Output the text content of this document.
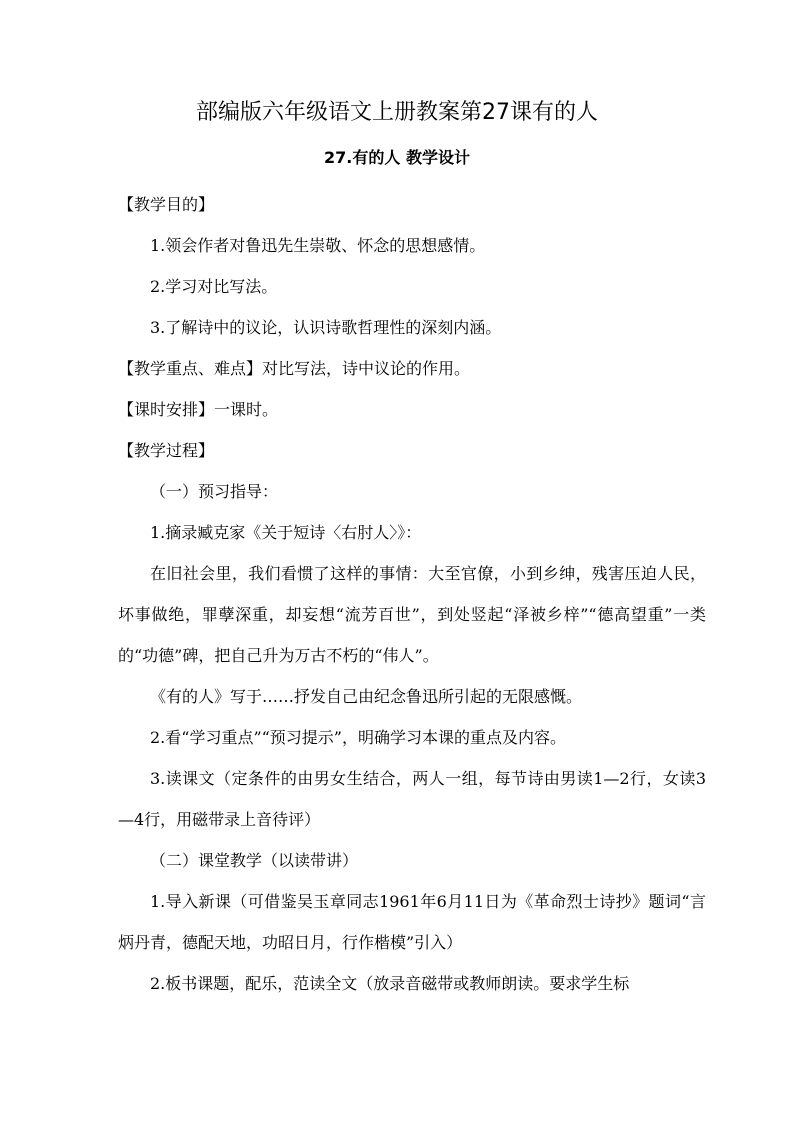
部编版六年级语文上册教案第27课有的人
27.有的人 教学设计

【教学目的】

1.领会作者对鲁迅先生崇敬、怀念的思想感情。

2.学习对比写法。

3.了解诗中的议论，认识诗歌哲理性的深刻内涵。

【教学重点、难点】对比写法，诗中议论的作用。

【课时安排】一课时。

【教学过程】

（一）预习指导：

1.摘录臧克家《关于短诗〈右肘人〉》：

在旧社会里，我们看惯了这样的事情：大至官僚，小到乡绅，残害压迫人民，坏事做绝，罪孽深重，却妄想“流芳百世”，到处竖起“泽被乡梓”“德高望重”一类的“功德”碑，把自己升为万古不朽的“伟人”。

《有的人》写于……抒发自己由纪念鲁迅所引起的无限感慨。

2.看“学习重点”“预习提示”，明确学习本课的重点及内容。

3.读课文（定条件的由男女生结合，两人一组，每节诗由男读1—2行，女读3—4行，用磁带录上音待评）

（二）课堂教学（以读带讲）

1.导入新课（可借鉴吴玉章同志1961年6月11日为《革命烈士诗抄》题词“言炳丹青，德配天地，功昭日月，行作楷模”引入）

2.板书课题，配乐，范读全文（放录音磁带或教师朗读。要求学生标
